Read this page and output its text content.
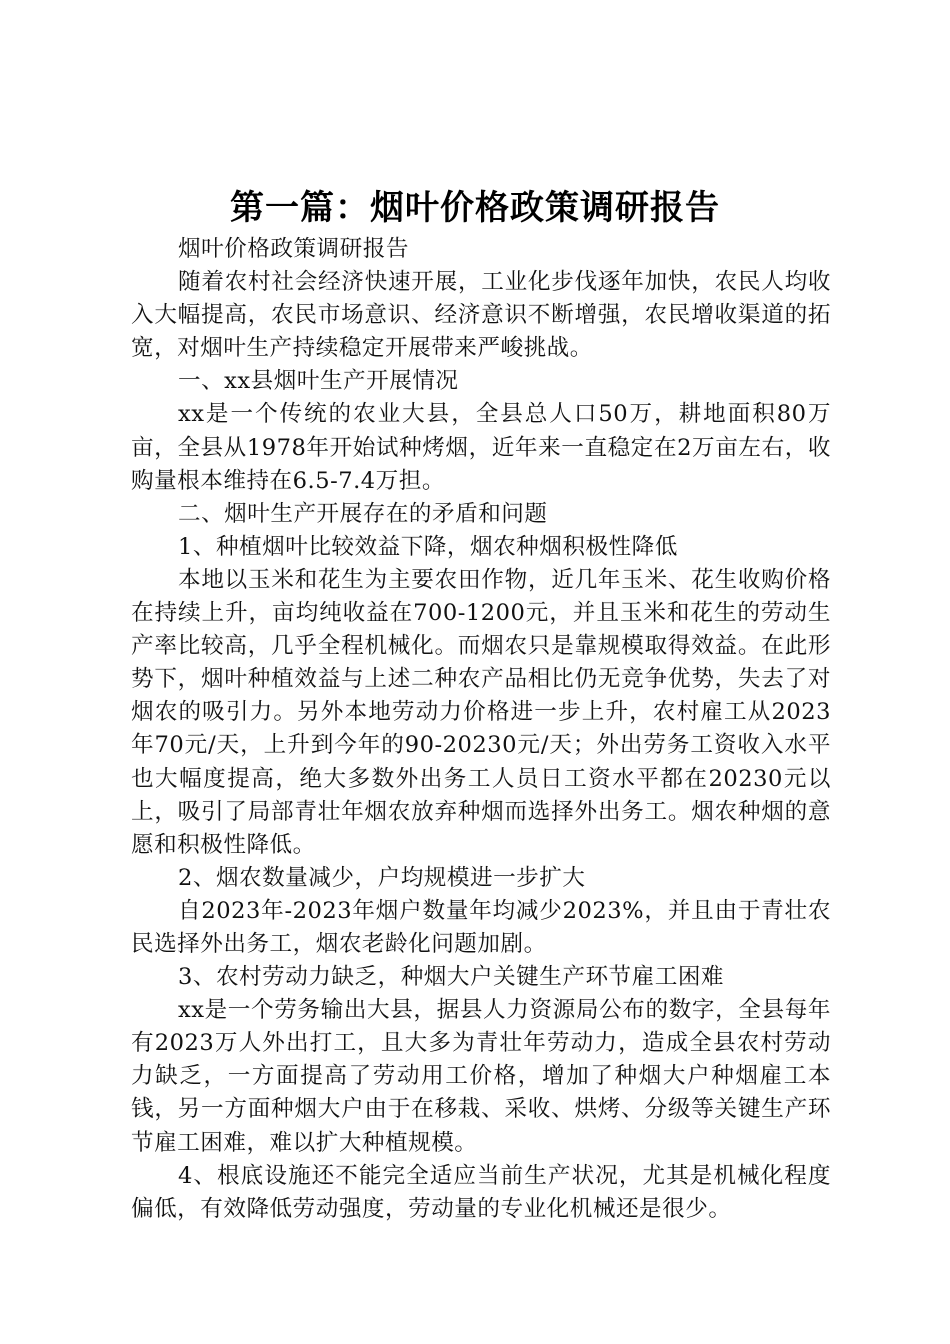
第一篇：烟叶价格政策调研报告

烟叶价格政策调研报告

随着农村社会经济快速开展，工业化步伐逐年加快，农民人均收入大幅提高，农民市场意识、经济意识不断增强，农民增收渠道的拓宽，对烟叶生产持续稳定开展带来严峻挑战。

一、xx县烟叶生产开展情况

xx是一个传统的农业大县，全县总人口50万，耕地面积80万亩，全县从1978年开始试种烤烟，近年来一直稳定在2万亩左右，收购量根本维持在6.5-7.4万担。

二、烟叶生产开展存在的矛盾和问题

1、种植烟叶比较效益下降，烟农种烟积极性降低

本地以玉米和花生为主要农田作物，近几年玉米、花生收购价格在持续上升，亩均纯收益在700-1200元，并且玉米和花生的劳动生产率比较高，几乎全程机械化。而烟农只是靠规模取得效益。在此形势下，烟叶种植效益与上述二种农产品相比仍无竞争优势，失去了对烟农的吸引力。另外本地劳动力价格进一步上升，农村雇工从2023年70元/天，上升到今年的90-20230元/天；外出劳务工资收入水平也大幅度提高，绝大多数外出务工人员日工资水平都在20230元以上，吸引了局部青壮年烟农放弃种烟而选择外出务工。烟农种烟的意愿和积极性降低。

2、烟农数量减少，户均规模进一步扩大

自2023年-2023年烟户数量年均减少2023%，并且由于青壮农民选择外出务工，烟农老龄化问题加剧。

3、农村劳动力缺乏，种烟大户关键生产环节雇工困难

xx是一个劳务输出大县，据县人力资源局公布的数字，全县每年有2023万人外出打工，且大多为青壮年劳动力，造成全县农村劳动力缺乏，一方面提高了劳动用工价格，增加了种烟大户种烟雇工本钱，另一方面种烟大户由于在移栽、采收、烘烤、分级等关键生产环节雇工困难，难以扩大种植规模。

4、根底设施还不能完全适应当前生产状况，尤其是机械化程度偏低，有效降低劳动强度，劳动量的专业化机械还是很少。
